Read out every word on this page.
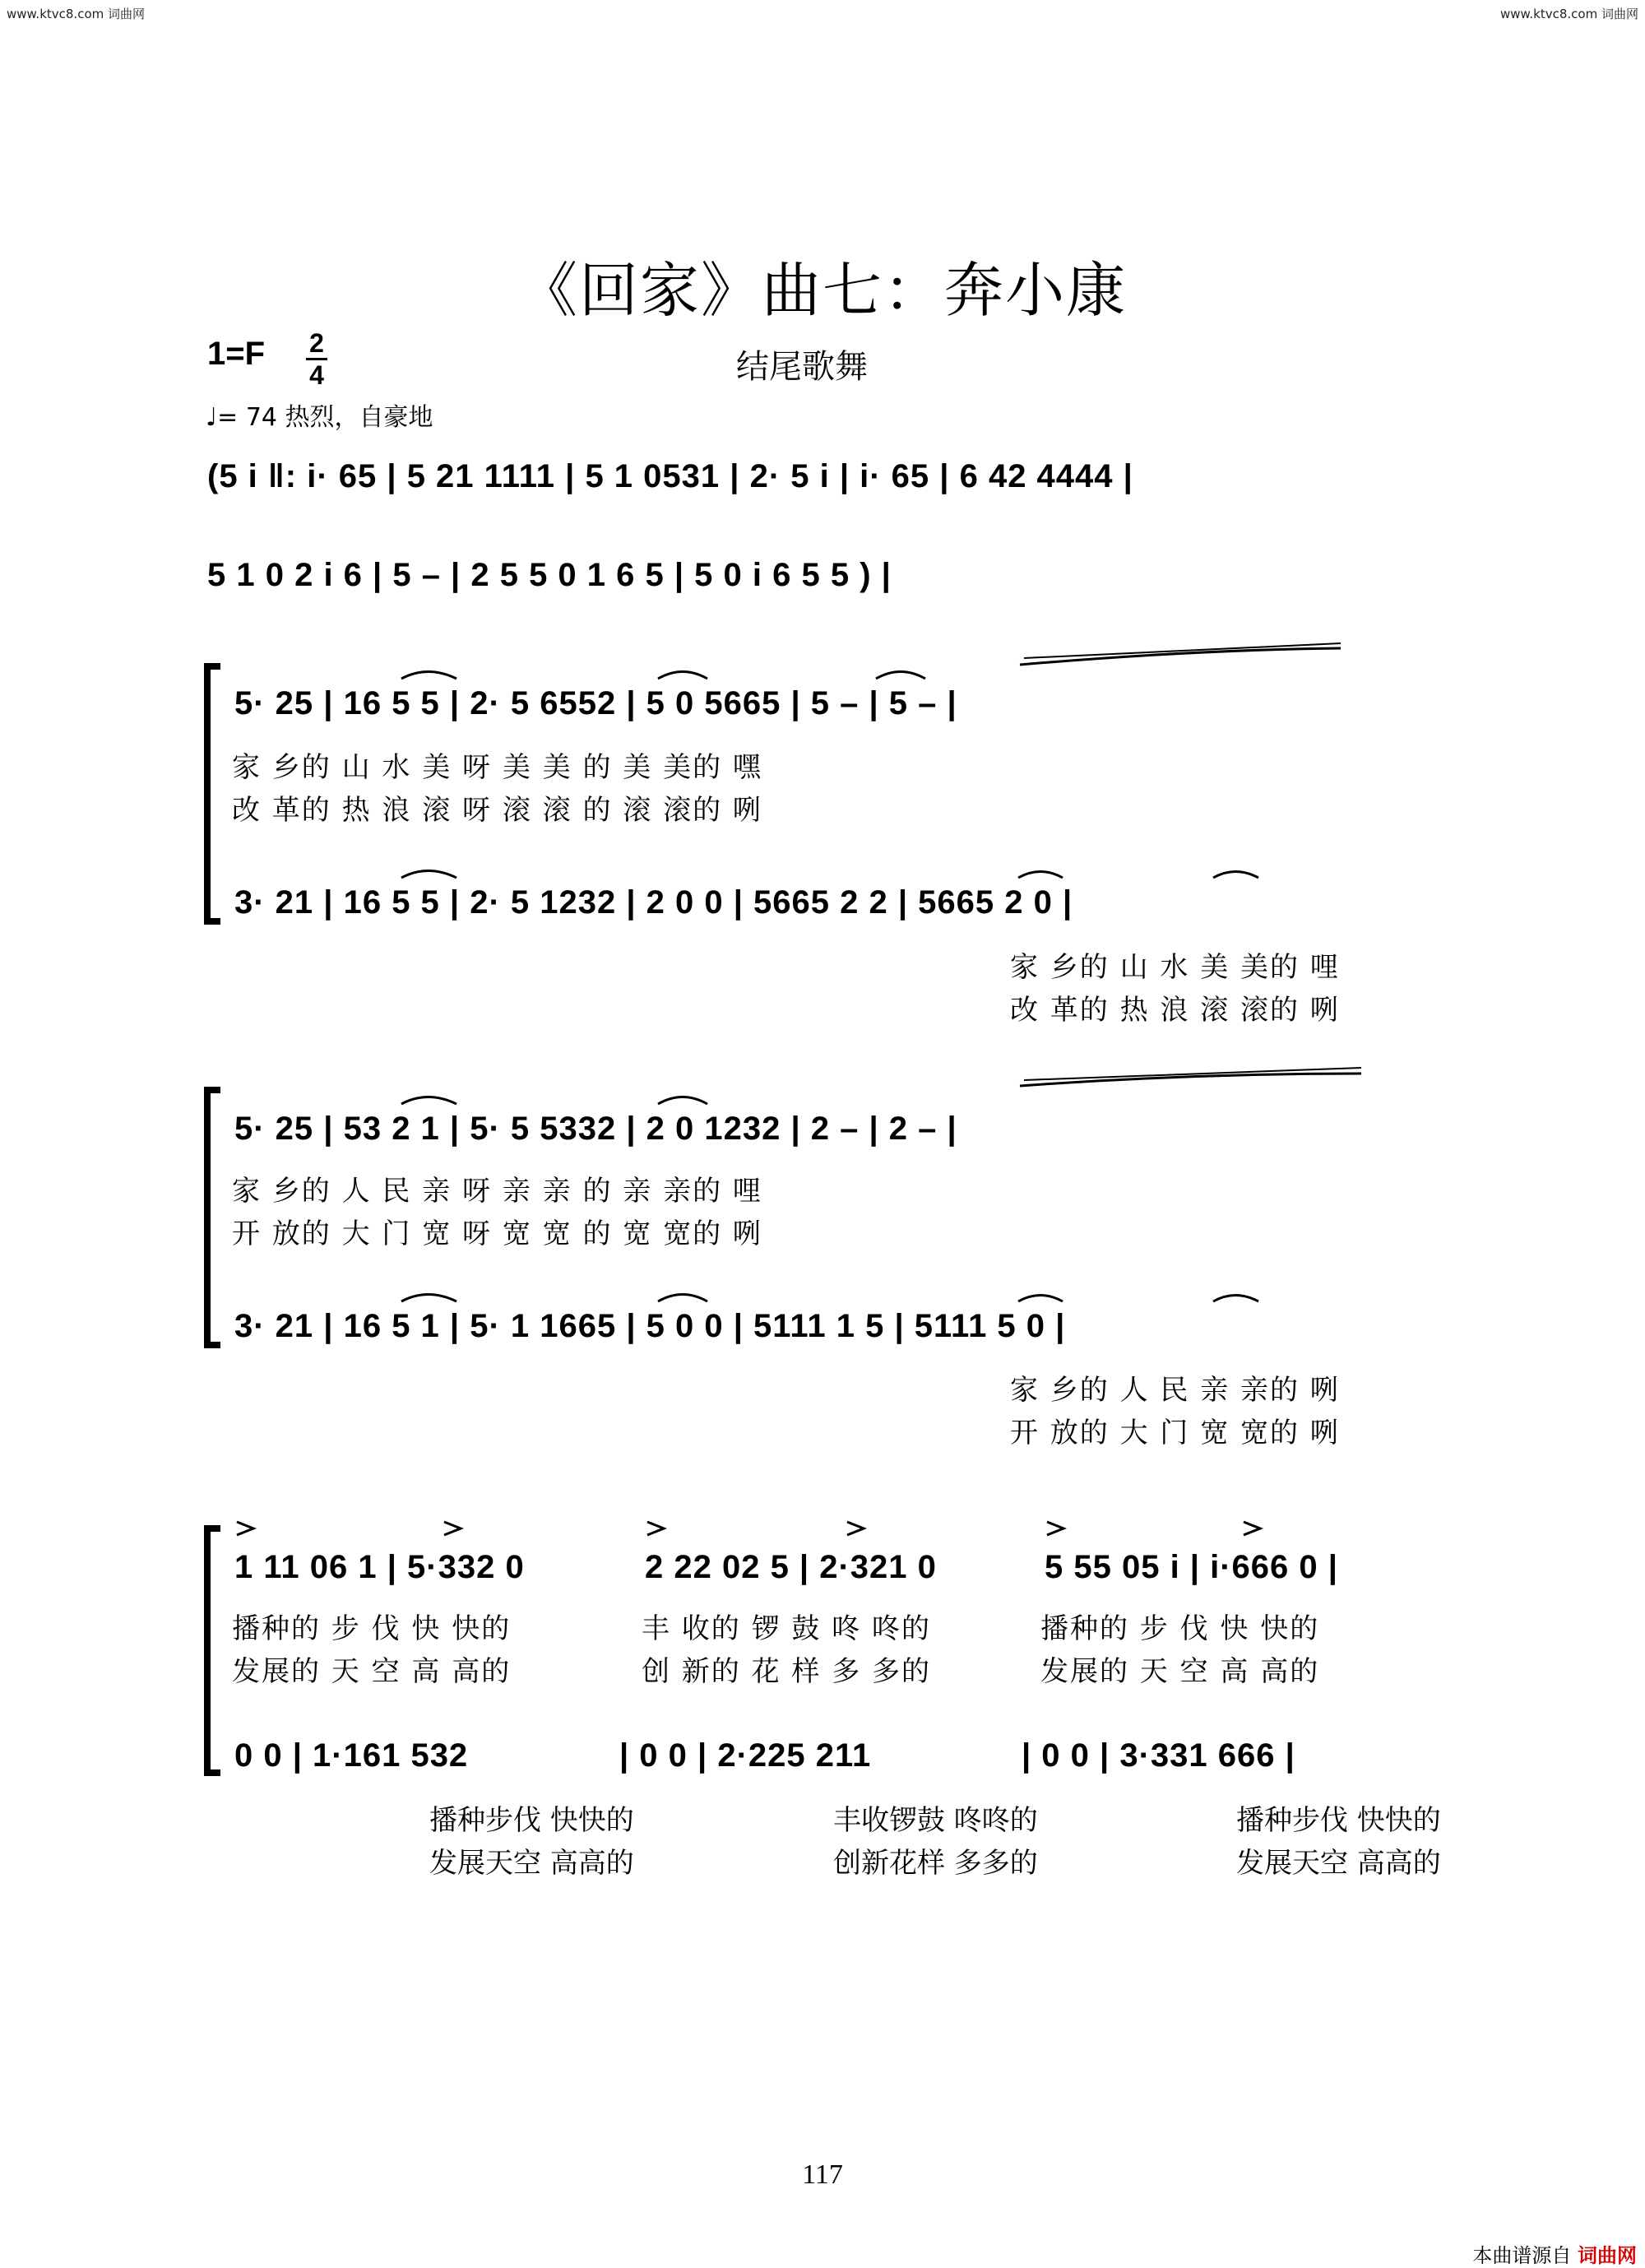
www.ktvc8.com 词曲网	www.ktvc8.com 词曲网
《回家》曲七：奔小康
1=F	2
4	结尾歌舞
♩= 74 热烈，自豪地
(5 i ‖: i· 65 | 5 21 1111 | 5 1 0531 | 2· 5 i | i· 65 | 6 42 4444 |
5 1 0 2 i 6 | 5 – | 2 5 5 0 1 6 5 | 5 0 i 6 5 5 ) |
5· 25 | 16 5 5 | 2· 5 6552 | 5 0 5665 | 5 – | 5 – |
家 乡的 山 水 美 呀 美 美 的 美 美的 嘿
改 革的 热 浪 滚 呀 滚 滚 的 滚 滚的 咧
3· 21 | 16 5 5 | 2· 5 1232 | 2 0 0 | 5665 2 2 | 5665 2 0 |
家 乡的 山 水 美 美的 哩
改 革的 热 浪 滚 滚的 咧
5· 25 | 53 2 1 | 5· 5 5332 | 2 0 1232 | 2 – | 2 – |
家 乡的 人 民 亲 呀 亲 亲 的 亲 亲的 哩
开 放的 大 门 宽 呀 宽 宽 的 宽 宽的 咧
3· 21 | 16 5 1 | 5· 1 1665 | 5 0 0 | 5111 1 5 | 5111 5 0 |
家 乡的 人 民 亲 亲的 咧
开 放的 大 门 宽 宽的 咧
1 11 06 1 | 5·332 0	2 22 02 5 | 2·321 0	5 55 05 i | i·666 0 |
播种的 步 伐 快 快的	丰 收的 锣 鼓 咚 咚的	播种的 步 伐 快 快的
发展的 天 空 高 高的	创 新的 花 样 多 多的	发展的 天 空 高 高的
0 0 | 1·161 532	| 0 0 | 2·225 211	| 0 0 | 3·331 666 |
播种步伐 快快的	丰收锣鼓 咚咚的	播种步伐 快快的
发展天空 高高的	创新花样 多多的	发展天空 高高的
117
本曲谱源自 词曲网
